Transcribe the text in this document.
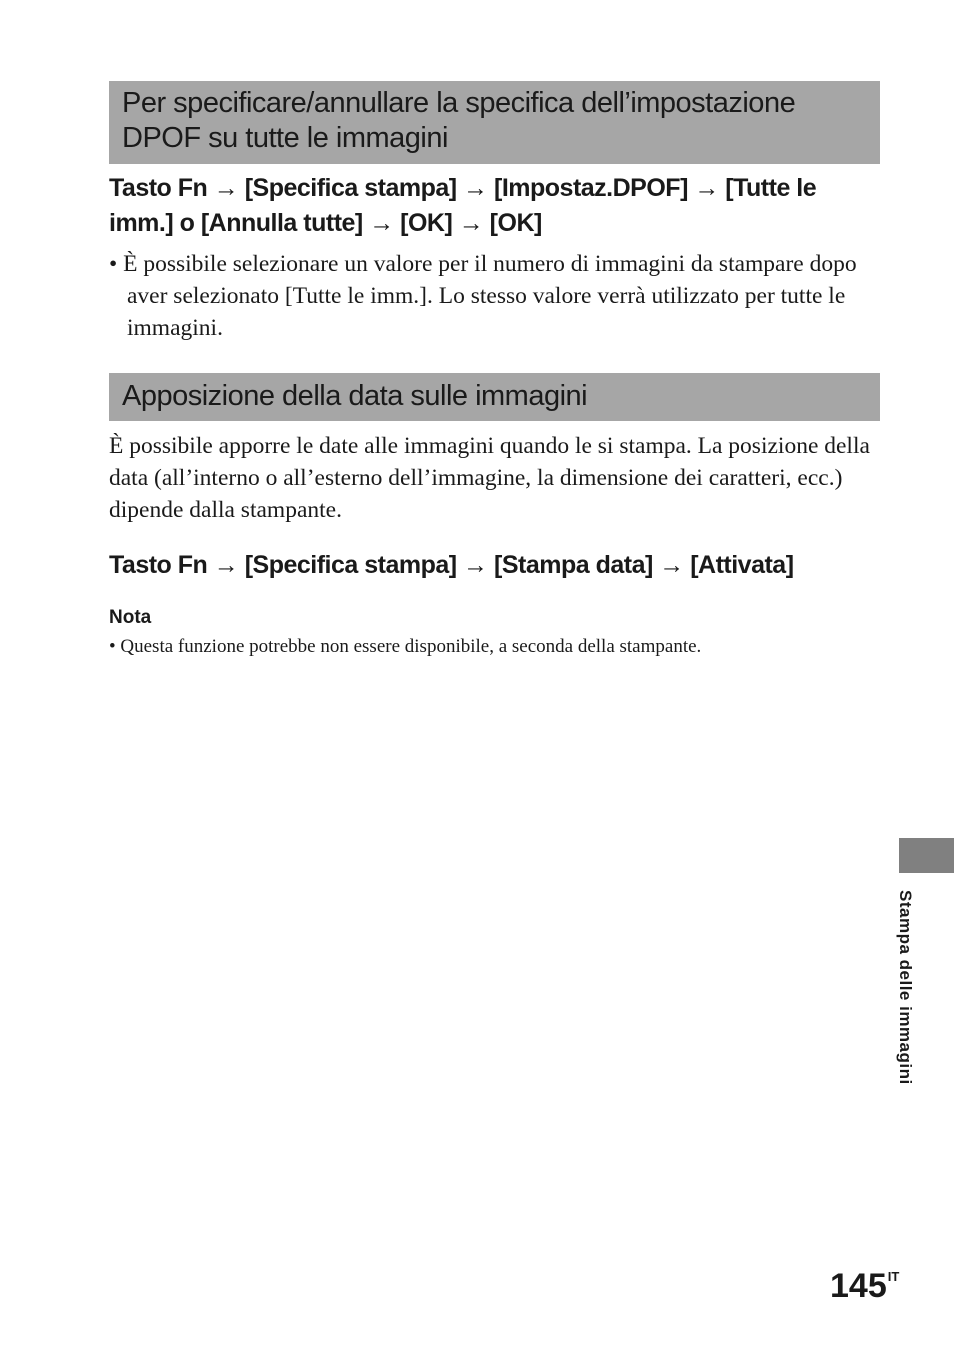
Per specificare/annullare la specifica dell’impostazione
DPOF su tutte le immagini
Tasto Fn → [Specifica stampa] → [Impostaz.DPOF] → [Tutte le
imm.] o [Annulla tutte] → [OK] → [OK]
• È possibile selezionare un valore per il numero di immagini da stampare dopo aver selezionato [Tutte le imm.]. Lo stesso valore verrà utilizzato per tutte le immagini.
Apposizione della data sulle immagini
È possibile apporre le date alle immagini quando le si stampa. La posizione della data (all’interno o all’esterno dell’immagine, la dimensione dei caratteri, ecc.) dipende dalla stampante.
Tasto Fn → [Specifica stampa] → [Stampa data] → [Attivata]
Nota
• Questa funzione potrebbe non essere disponibile, a seconda della stampante.
Stampa delle immagini
$145^{IT}$
